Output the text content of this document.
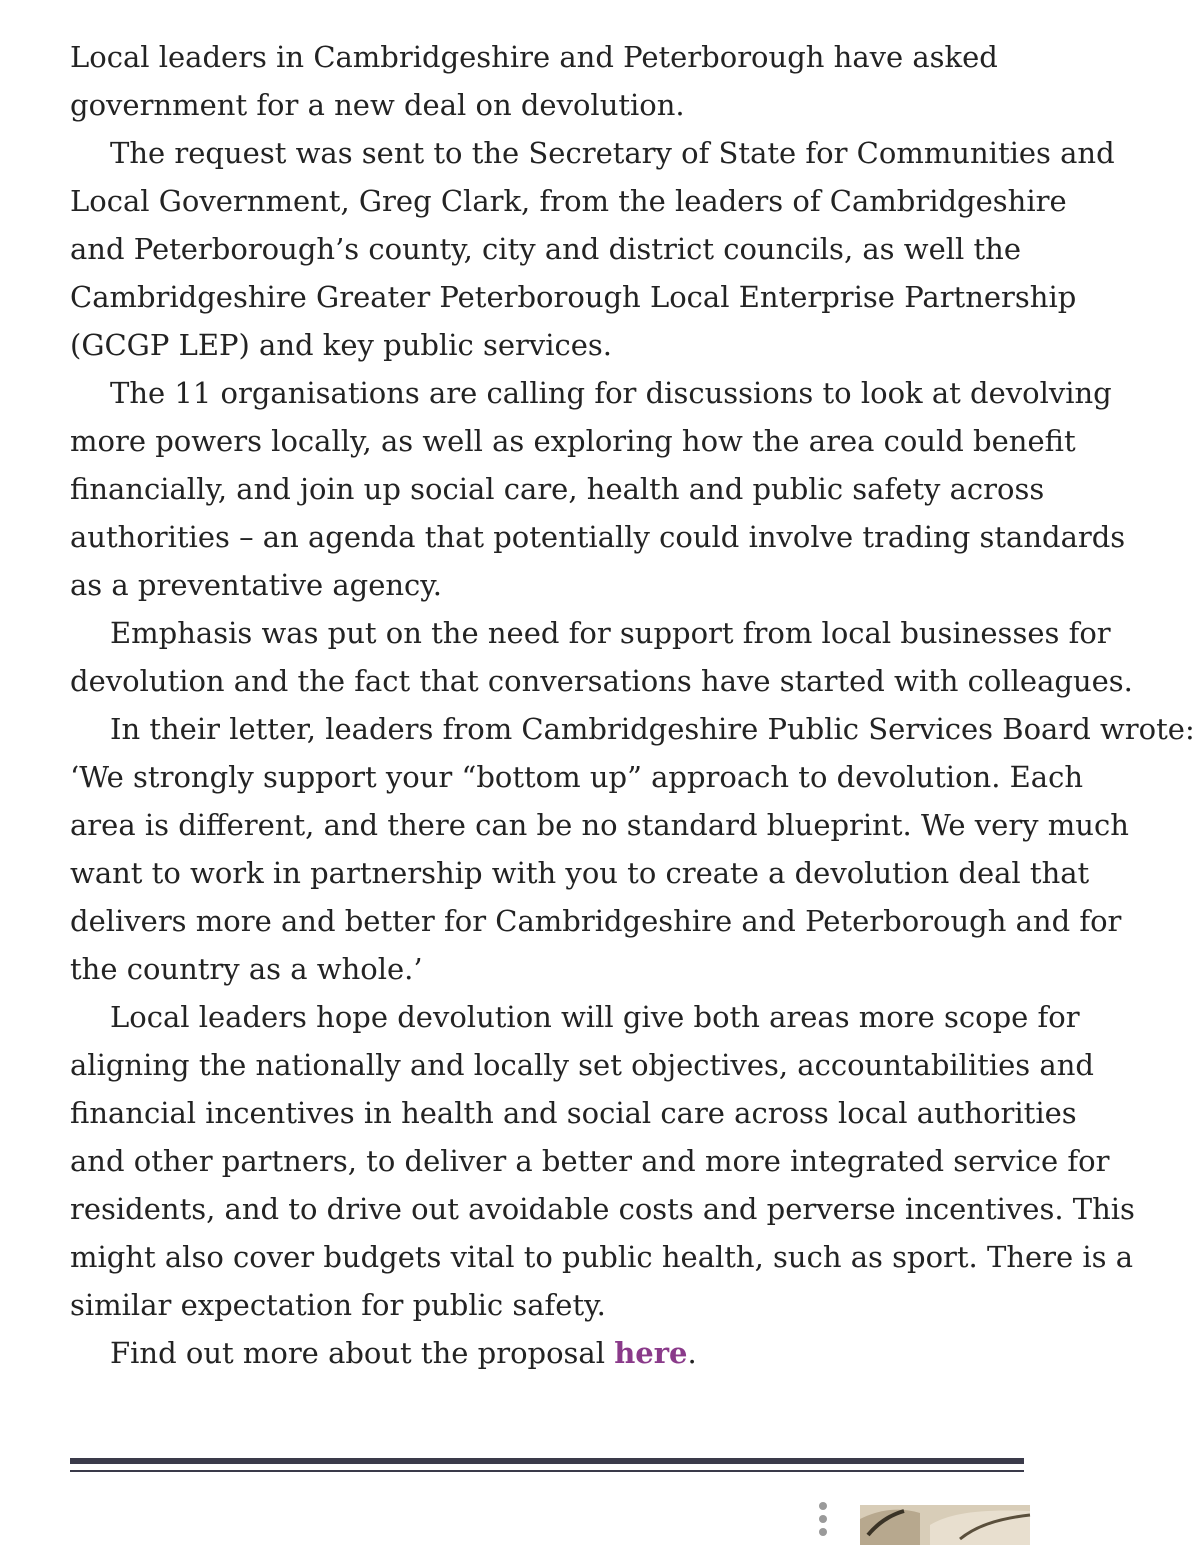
Local leaders in Cambridgeshire and Peterborough have asked
government for a new deal on devolution.

The request was sent to the Secretary of State for Communities and
Local Government, Greg Clark, from the leaders of Cambridgeshire
and Peterborough’s county, city and district councils, as well the
Cambridgeshire Greater Peterborough Local Enterprise Partnership
(GCGP LEP) and key public services.

The 11 organisations are calling for discussions to look at devolving
more powers locally, as well as exploring how the area could benefit
financially, and join up social care, health and public safety across
authorities – an agenda that potentially could involve trading standards
as a preventative agency.

Emphasis was put on the need for support from local businesses for
devolution and the fact that conversations have started with colleagues.

In their letter, leaders from Cambridgeshire Public Services Board wrote:
‘We strongly support your “bottom up” approach to devolution. Each
area is different, and there can be no standard blueprint. We very much
want to work in partnership with you to create a devolution deal that
delivers more and better for Cambridgeshire and Peterborough and for
the country as a whole.’

Local leaders hope devolution will give both areas more scope for
aligning the nationally and locally set objectives, accountabilities and
financial incentives in health and social care across local authorities
and other partners, to deliver a better and more integrated service for
residents, and to drive out avoidable costs and perverse incentives. This
might also cover budgets vital to public health, such as sport. There is a
similar expectation for public safety.

Find out more about the proposal here.
